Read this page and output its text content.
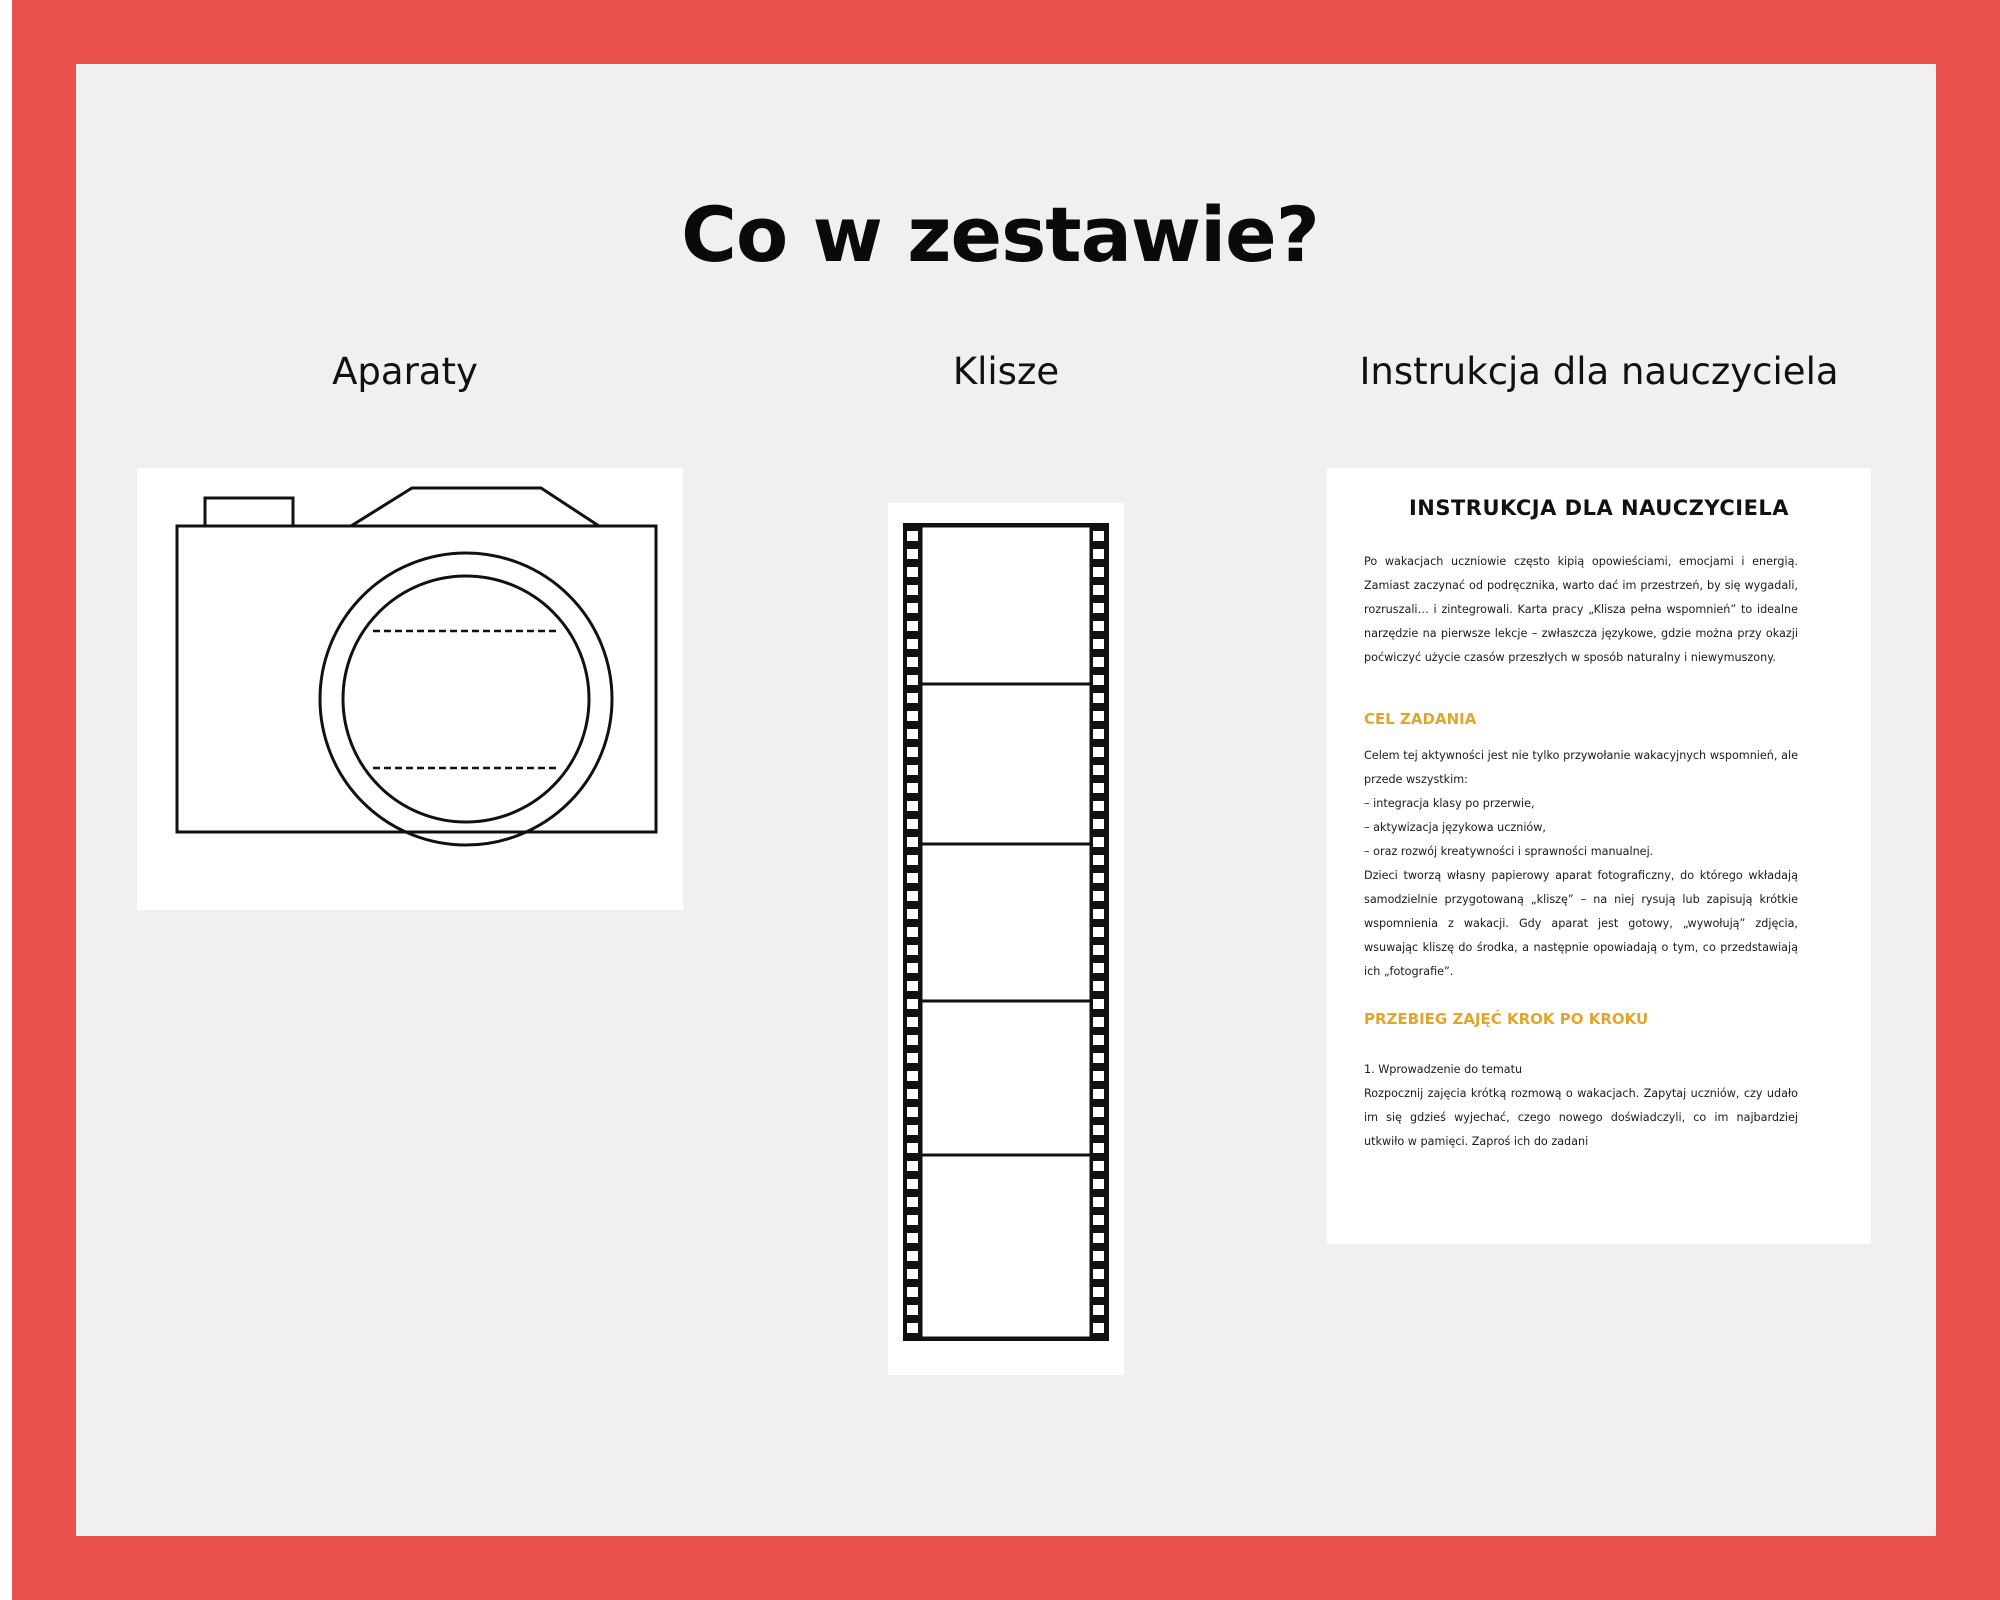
Co w zestawie?
Aparaty	Klisze	Instrukcja dla nauczyciela
INSTRUKCJA DLA NAUCZYCIELA

Po wakacjach uczniowie często kipią opowieściami, emocjami i energią. Zamiast zaczynać od podręcznika, warto dać im przestrzeń, by się wygadali, rozruszali… i zintegrowali. Karta pracy „Klisza pełna wspomnień” to idealne narzędzie na pierwsze lekcje – zwłaszcza językowe, gdzie można przy okazji poćwiczyć użycie czasów przeszłych w sposób naturalny i niewymuszony.

CEL ZADANIA

Celem tej aktywności jest nie tylko przywołanie wakacyjnych wspomnień, ale przede wszystkim:
– integracja klasy po przerwie,
– aktywizacja językowa uczniów,
– oraz rozwój kreatywności i sprawności manualnej.
Dzieci tworzą własny papierowy aparat fotograficzny, do którego wkładają samodzielnie przygotowaną „kliszę” – na niej rysują lub zapisują krótkie wspomnienia z wakacji. Gdy aparat jest gotowy, „wywołują” zdjęcia, wsuwając kliszę do środka, a następnie opowiadają o tym, co przedstawiają ich „fotografie”.

PRZEBIEG ZAJĘĆ KROK PO KROKU

1. Wprowadzenie do tematu

Rozpocznij zajęcia krótką rozmową o wakacjach. Zapytaj uczniów, czy udało im się gdzieś wyjechać, czego nowego doświadczyli, co im najbardziej utkwiło w pamięci. Zaproś ich do zadani
